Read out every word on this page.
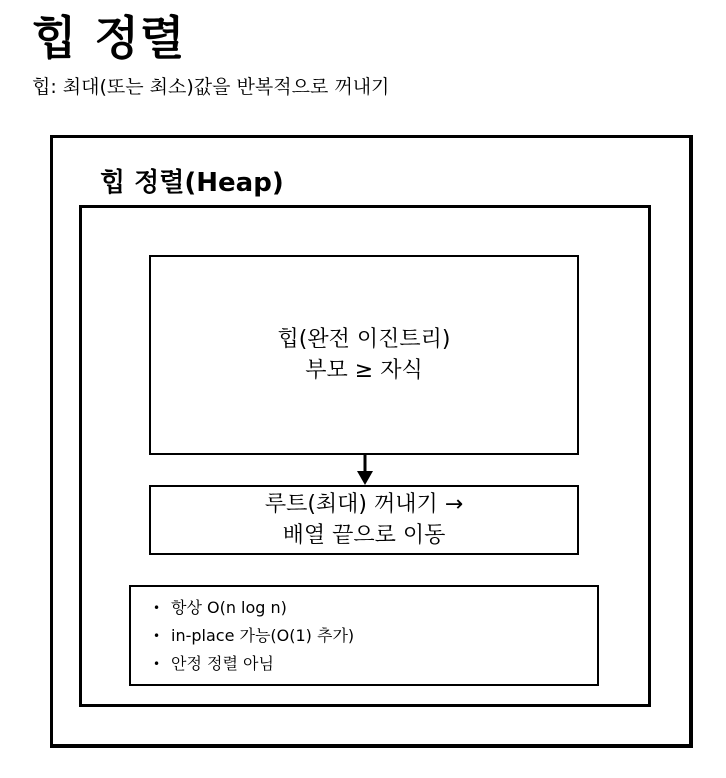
힙 정렬
힙: 최대(또는 최소)값을 반복적으로 꺼내기
힙 정렬(Heap)
힙(완전 이진트리)
부모 ≥ 자식
루트(최대) 꺼내기 →
배열 끝으로 이동
• 항상 O(n log n)
• in-place 가능(O(1) 추가)
• 안정 정렬 아님
